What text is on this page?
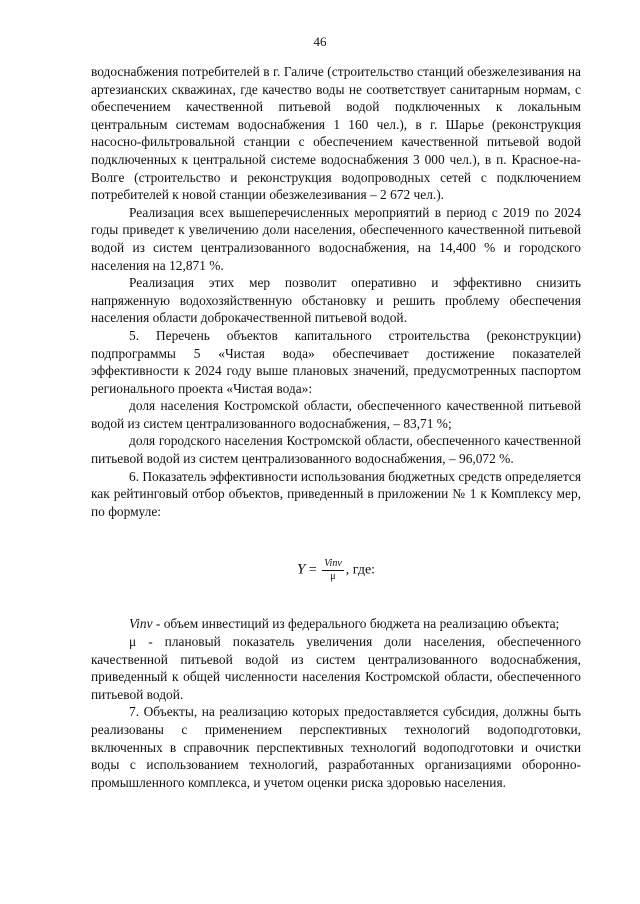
46

водоснабжения потребителей в г. Галиче (строительство станций обезжелезивания на артезианских скважинах, где качество воды не соответствует санитарным нормам, с обеспечением качественной питьевой водой подключенных к локальным центральным системам водоснабжения 1 160 чел.), в г. Шарье (реконструкция насосно-фильтровальной станции с обеспечением качественной питьевой водой подключенных к центральной системе водоснабжения 3 000 чел.), в п. Красное-на-Волге (строительство и реконструкция водопроводных сетей с подключением потребителей к новой станции обезжелезивания – 2 672 чел.).

Реализация всех вышеперечисленных мероприятий в период с 2019 по 2024 годы приведет к увеличению доли населения, обеспеченного качественной питьевой водой из систем централизованного водоснабжения, на 14,400 % и городского населения на 12,871 %.

Реализация этих мер позволит оперативно и эффективно снизить напряженную водохозяйственную обстановку и решить проблему обеспечения населения области доброкачественной питьевой водой.

5. Перечень объектов капитального строительства (реконструкции) подпрограммы 5 «Чистая вода» обеспечивает достижение показателей эффективности к 2024 году выше плановых значений, предусмотренных паспортом регионального проекта «Чистая вода»:

доля населения Костромской области, обеспеченного качественной питьевой водой из систем централизованного водоснабжения, – 83,71 %;

доля городского населения Костромской области, обеспеченного качественной питьевой водой из систем централизованного водоснабжения, – 96,072 %.

6. Показатель эффективности использования бюджетных средств определяется как рейтинговый отбор объектов, приведенный в приложении № 1 к Комплексу мер, по формуле:

$Y = \frac{\text{Vinv}}{\mu}$ , где:

Vinv - объем инвестиций из федерального бюджета на реализацию объекта;

μ - плановый показатель увеличения доли населения, обеспеченного качественной питьевой водой из систем централизованного водоснабжения, приведенный к общей численности населения Костромской области, обеспеченного питьевой водой.

7. Объекты, на реализацию которых предоставляется субсидия, должны быть реализованы с применением перспективных технологий водоподготовки, включенных в справочник перспективных технологий водоподготовки и очистки воды с использованием технологий, разработанных организациями оборонно-промышленного комплекса, и учетом оценки риска здоровью населения.
